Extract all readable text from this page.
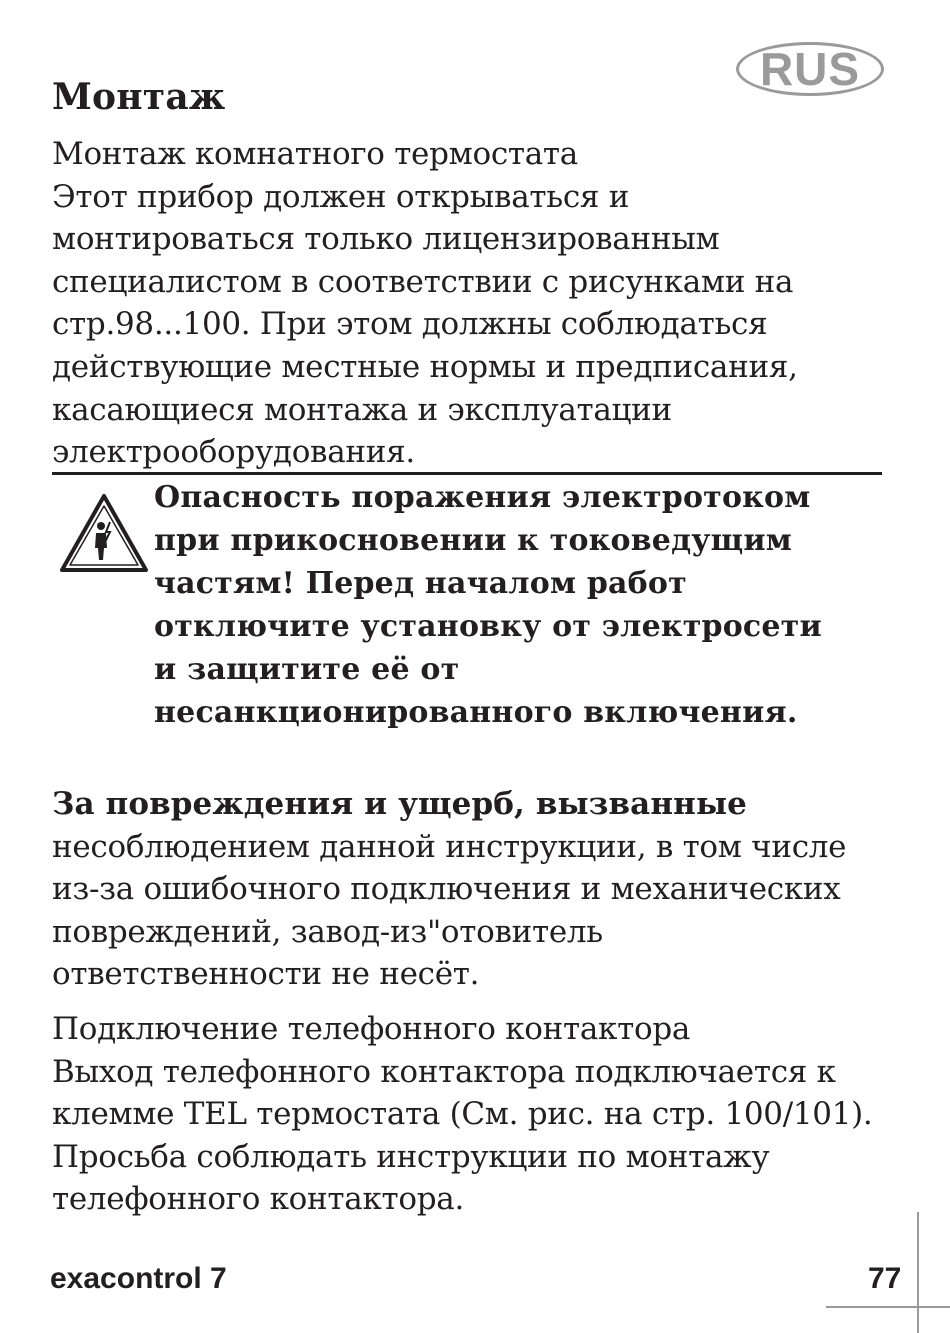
RUS
Монтаж

Монтаж комнатного термостата
Этот прибор должен открываться и
монтироваться только лицензированным
специалистом в соответствии с рисунками на
стр.98...100. При этом должны соблюдаться
действующие местные нормы и предписания,
касающиеся монтажа и эксплуатации
электрооборудования.

Опасность поражения электротоком
при прикосновении к токоведущим
частям! Перед началом работ
отключите установку от электросети
и защитите её от
несанкционированного включения.

За повреждения и ущерб, вызванные
несоблюдением данной инструкции, в том числе
из-за ошибочного подключения и механических
повреждений, завод-из"отовитель
ответственности не несёт.

Подключение телефонного контактора
Выход телефонного контактора подключается к
клемме TEL термостата (См. рис. на стр. 100/101).
Просьба соблюдать инструкции по монтажу
телефонного контактора.

exacontrol 7	77
